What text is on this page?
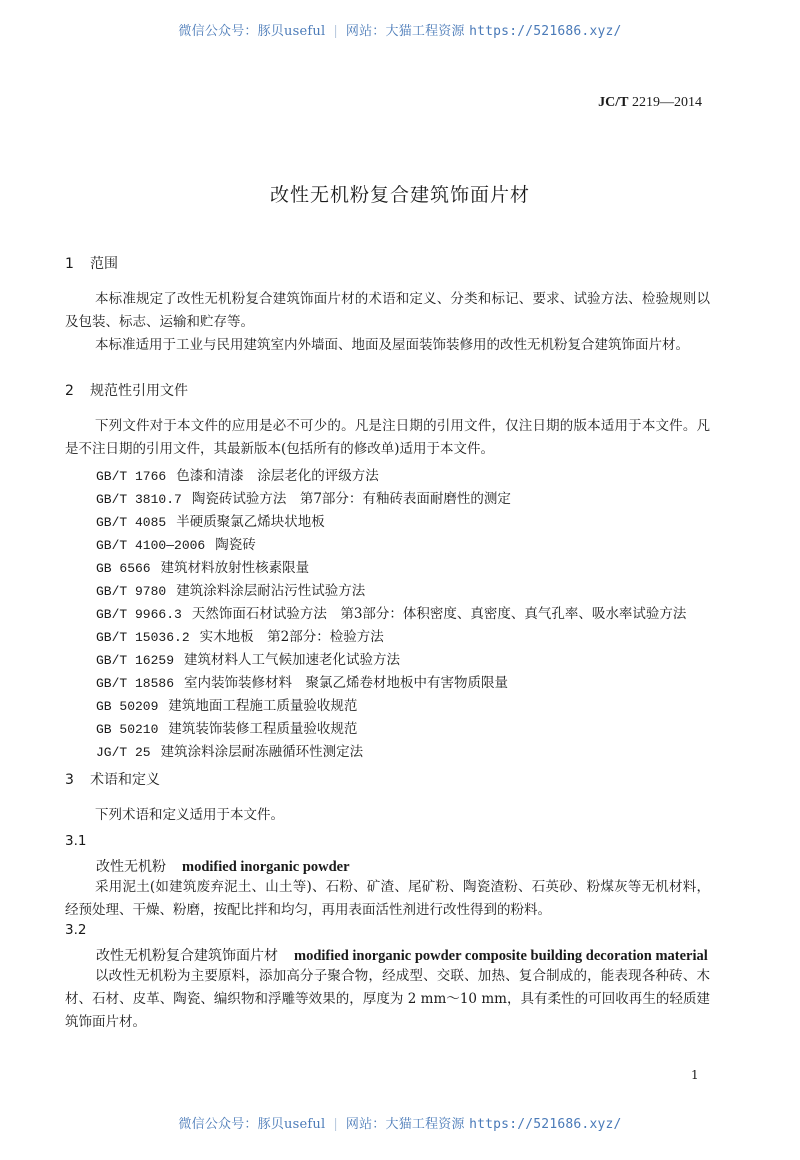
微信公众号：豚贝useful | 网站：大猫工程资源 https://521686.xyz/
JC/T 2219—2014
改性无机粉复合建筑饰面片材
1 范围
本标准规定了改性无机粉复合建筑饰面片材的术语和定义、分类和标记、要求、试验方法、检验规则以及包装、标志、运输和贮存等。
本标准适用于工业与民用建筑室内外墙面、地面及屋面装饰装修用的改性无机粉复合建筑饰面片材。
2 规范性引用文件
下列文件对于本文件的应用是必不可少的。凡是注日期的引用文件，仅注日期的版本适用于本文件。凡是不注日期的引用文件，其最新版本(包括所有的修改单)适用于本文件。
GB/T 1766 色漆和清漆　涂层老化的评级方法
GB/T 3810.7 陶瓷砖试验方法　第7部分：有釉砖表面耐磨性的测定
GB/T 4085 半硬质聚氯乙烯块状地板
GB/T 4100—2006 陶瓷砖
GB 6566 建筑材料放射性核素限量
GB/T 9780 建筑涂料涂层耐沾污性试验方法
GB/T 9966.3 天然饰面石材试验方法　第3部分：体积密度、真密度、真气孔率、吸水率试验方法
GB/T 15036.2 实木地板　第2部分：检验方法
GB/T 16259 建筑材料人工气候加速老化试验方法
GB/T 18586 室内装饰装修材料　聚氯乙烯卷材地板中有害物质限量
GB 50209 建筑地面工程施工质量验收规范
GB 50210 建筑装饰装修工程质量验收规范
JG/T 25 建筑涂料涂层耐冻融循环性测定法
3 术语和定义
下列术语和定义适用于本文件。
3.1
改性无机粉 modified inorganic powder
采用泥土(如建筑废弃泥土、山土等)、石粉、矿渣、尾矿粉、陶瓷渣粉、石英砂、粉煤灰等无机材料，经预处理、干燥、粉磨，按配比拌和均匀，再用表面活性剂进行改性得到的粉料。
3.2
改性无机粉复合建筑饰面片材 modified inorganic powder composite building decoration material
以改性无机粉为主要原料，添加高分子聚合物，经成型、交联、加热、复合制成的，能表现各种砖、木材、石材、皮革、陶瓷、编织物和浮雕等效果的，厚度为 2 mm～10 mm，具有柔性的可回收再生的轻质建筑饰面片材。
1
微信公众号：豚贝useful | 网站：大猫工程资源 https://521686.xyz/
